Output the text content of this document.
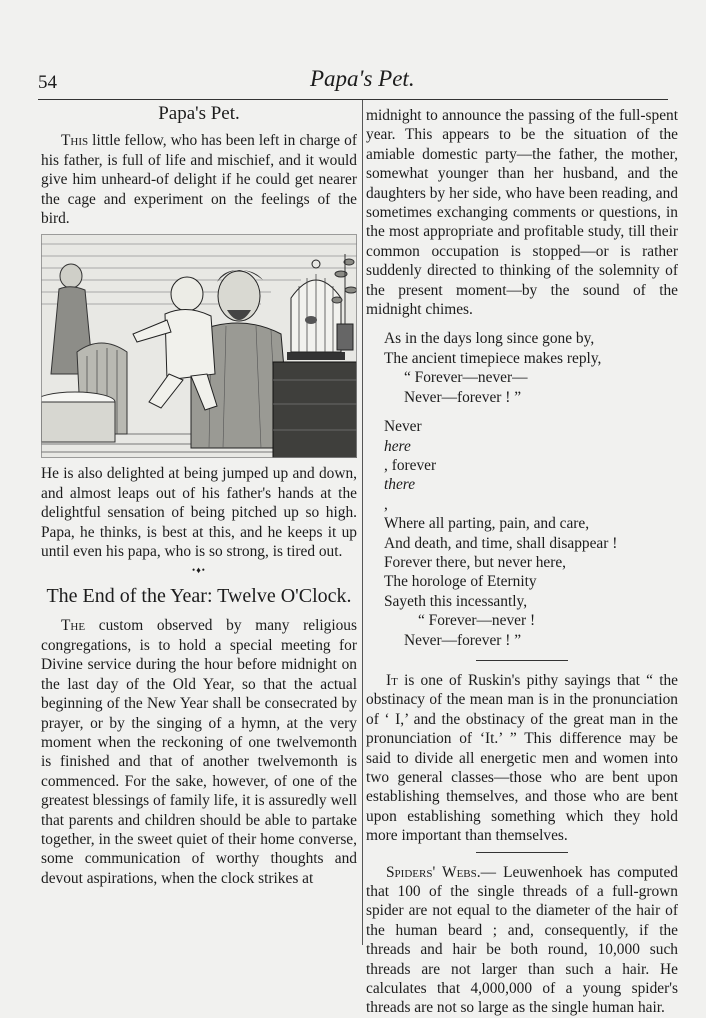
54	Papa's Pet.

Papa's Pet.

This little fellow, who has been left in charge of his father, is full of life and mischief, and it would give him unheard-of delight if he could get nearer the cage and experiment on the feelings of the bird.

He is also delighted at being jumped up and down, and almost leaps out of his father's hands at the delightful sensation of being pitched up so high. Papa, he thinks, is best at this, and he keeps it up until even his papa, who is so strong, is tired out.

•♦•

The End of the Year: Twelve O'Clock.

The custom observed by many religious congregations, is to hold a special meeting for Divine service during the hour before midnight on the last day of the Old Year, so that the actual beginning of the New Year shall be consecrated by prayer, or by the singing of a hymn, at the very moment when the reckoning of one twelvemonth is finished and that of another twelvemonth is commenced. For the sake, however, of one of the greatest blessings of family life, it is assuredly well that parents and children should be able to partake together, in the sweet quiet of their home converse, some communication of worthy thoughts and devout aspirations, when the clock strikes at

midnight to announce the passing of the full-spent year. This appears to be the situation of the amiable domestic party—the father, the mother, somewhat younger than her husband, and the daughters by her side, who have been reading, and sometimes exchanging comments or questions, in the most appropriate and profitable study, till their common occupation is stopped—or is rather suddenly directed to thinking of the solemnity of the present moment—by the sound of the midnight chimes.

As in the days long since gone by,
The ancient timepiece makes reply,
“ Forever—never—
Never—forever ! ”
Never
here
, forever
there
,
Where all parting, pain, and care,
And death, and time, shall disappear !
Forever there, but never here,
The horologe of Eternity
Sayeth this incessantly,
“ Forever—never !
Never—forever ! ”

It is one of Ruskin's pithy sayings that “ the obstinacy of the mean man is in the pronunciation of ‘ I,’ and the obstinacy of the great man in the pronunciation of ‘It.’ ” This difference may be said to divide all energetic men and women into two general classes—those who are bent upon establishing themselves, and those who are bent upon establishing something which they hold more important than themselves.

Spiders' Webs.— Leuwenhoek has computed that 100 of the single threads of a full-grown spider are not equal to the diameter of the hair of the human beard ; and, consequently, if the threads and hair be both round, 10,000 such threads are not larger than such a hair. He calculates that 4,000,000 of a young spider's threads are not so large as the single human hair.
